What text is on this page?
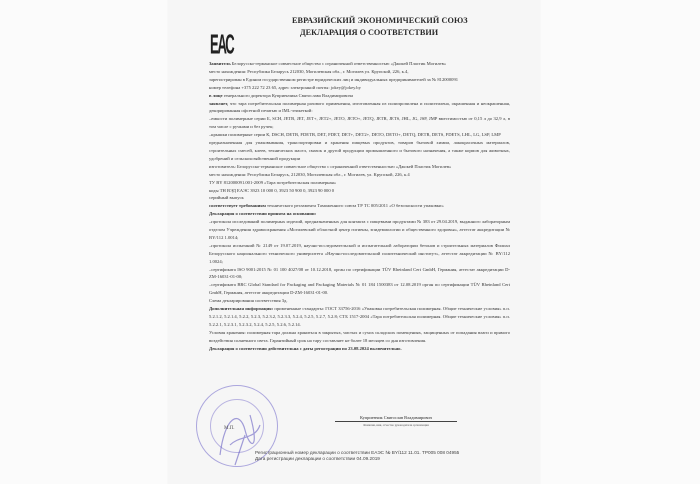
ЕАС
ЕВРАЗИЙСКИЙ ЭКОНОМИЧЕСКИЙ СОЮЗ
ДЕКЛАРАЦИЯ О СООТВЕТСТВИИ

Заявитель Белорусско-германское совместное общество с ограниченной ответственностью «Джокей Пластик Могилев»

место нахождения: Республика Беларусь 212030, Могилевская обл., г. Могилев ул. Крупской, 226, к.4,

зарегистрирован в Едином государственном регистре юридических лиц и индивидуальных предпринимателей за № 812000091

номер телефона +375 222 72 23 65, адрес электронной почты: jokey@jokey.by

в лице генерального директора Куприенчика Святослава Владимировича

заявляет, что тара потребительская полимерная разового применения, изготовленная из полипропилена и полиэтилена, окрашенная и неокрашенная, декорированная офсетной печатью и IML-этикеткой:

–емкости полимерные серии Б, SCH, JETB, JET, JET+, JET2+, JETO, JETO+, JETQ, JETR, JETS, JHL, JG, JSP, JMP вместимостью от 0,15 л до 32,9 л, в том числе с ручками и без ручек;

–крышки полимерные серии К, DSCH, DETB, FDETB, DET, FDET, DET+, DET2+, DETO, DETO+, DETQ, DETR, DETS, FDETS, LHL, LG, LSP, LMP

предназначенная для упаковывания, транспортировки и хранения пищевых продуктов, товаров бытовой химии, лакокрасочных материалов, строительных смесей, клеев, технических масел, смазок и другой продукции промышленного и бытового назначения, а также кормов для животных, удобрений и сельскохозяйственной продукции

изготовитель: Белорусско-германское совместное общество с ограниченной ответственностью «Джокей Пластик Могилев»

место нахождения: Республика Беларусь, 212030, Могилевская обл., г. Могилев, ул. Крупской, 226, к.4

ТУ BY 812000091.001-2009 «Тара потребительская полимерная»

коды ТН ВЭД ЕАЭС 3923 10 000 0, 3923 50 900 0, 3923 90 000 0

серийный выпуск

соответствует требованиям технического регламента Таможенного союза ТР ТС 005/2011 «О безопасности упаковки»

Декларация о соответствии принята на основании:

–протокола исследований полимерных изделий, предназначенных для контакта с пищевыми продуктами № 383 от 29.04.2019, выданного лабораторным отделом Учреждения здравоохранения «Могилевский областной центр гигиены, эпидемиологии и общественного здоровья», аттестат аккредитации № BY/112 1.0014;

–протокола испытаний № 2149 от 19.07.2019, научно-исследовательской и испытательной лаборатории бетонов и строительных материалов Филиал Белорусского национального технического университета «Научно-исследовательский политехнический институт», аттестат аккредитации № BY/112 1.0024;

–сертификата ISO 9001:2015 № 01 100 4027/08 от 10.12.2018, орган по сертификации TÜV Rheinland Cert GmbH, Германия, аттестат аккредитации D-ZM-16031-01-00;

–сертификата BRC Global Standard for Packaging and Packaging Materials № 01 184 1500383 от 12.08.2019 орган по сертификации TÜV Rheinland Cert GmbH, Германия, аттестат аккредитации D-ZM-16031-01-00.

Схема декларирования соответствия 3д.

Дополнительная информация: примененные стандарты: ГОСТ 33756-2016 «Упаковка потребительская полимерная. Общие технические условия» п.п. 5.2.1.2, 5.2.1.4, 5.2.2, 5.2.3, 5.2.3.2, 5.2.3.3, 5.2.4, 5.2.5, 5.2.7, 5.2.8; СТБ 1517-2004 «Тара потребительская полимерная. Общие технические условия» п.п. 5.2.2.1, 5.2.3.1, 5.2.3.2, 5.2.4, 5.2.5, 5.2.6, 5.2.14.

Условия хранения: полимерная тара должна храниться в закрытых, чистых и сухих складских помещениях, защищенных от попадания влаги и прямого воздействия солнечного света. Гарантийный срок на тару составляет не более 18 месяцев со дня изготовления.

Декларация о соответствии действительна с даты регистрации по 23.08.2024 включительно.

М.П.
Куприенчик Святослав Владимирович
Фамилия, имя, отчество руководителя организации
Регистрационный номер декларации о соответствии ЕАЭС № BY/112 11.01. ТР005 008 04955
Дата регистрации декларации о соответствии 04.09.2019
